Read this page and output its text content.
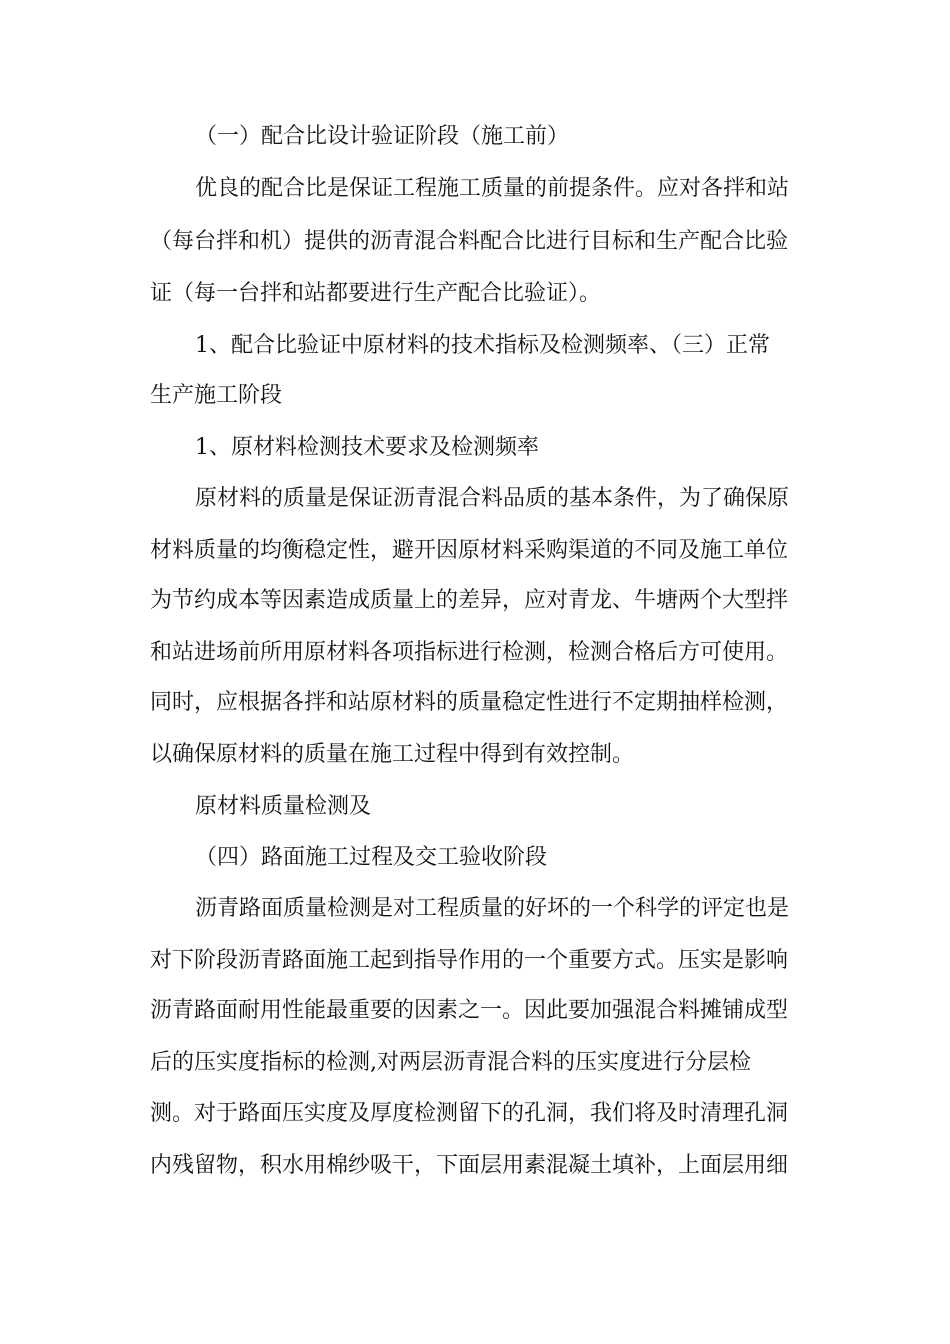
（一）配合比设计验证阶段（施工前）
优良的配合比是保证工程施工质量的前提条件。应对各拌和站
（每台拌和机）提供的沥青混合料配合比进行目标和生产配合比验
证（每一台拌和站都要进行生产配合比验证）。
1、配合比验证中原材料的技术指标及检测频率、（三）正常
生产施工阶段
1、原材料检测技术要求及检测频率
原材料的质量是保证沥青混合料品质的基本条件，为了确保原
材料质量的均衡稳定性，避开因原材料采购渠道的不同及施工单位
为节约成本等因素造成质量上的差异，应对青龙、牛塘两个大型拌
和站进场前所用原材料各项指标进行检测，检测合格后方可使用。
同时，应根据各拌和站原材料的质量稳定性进行不定期抽样检测，
以确保原材料的质量在施工过程中得到有效控制。
原材料质量检测及
（四）路面施工过程及交工验收阶段
沥青路面质量检测是对工程质量的好坏的一个科学的评定也是
对下阶段沥青路面施工起到指导作用的一个重要方式。压实是影响
沥青路面耐用性能最重要的因素之一。因此要加强混合料摊铺成型
后的压实度指标的检测,对两层沥青混合料的压实度进行分层检
测。对于路面压实度及厚度检测留下的孔洞，我们将及时清理孔洞
内残留物，积水用棉纱吸干，下面层用素混凝土填补，上面层用细
